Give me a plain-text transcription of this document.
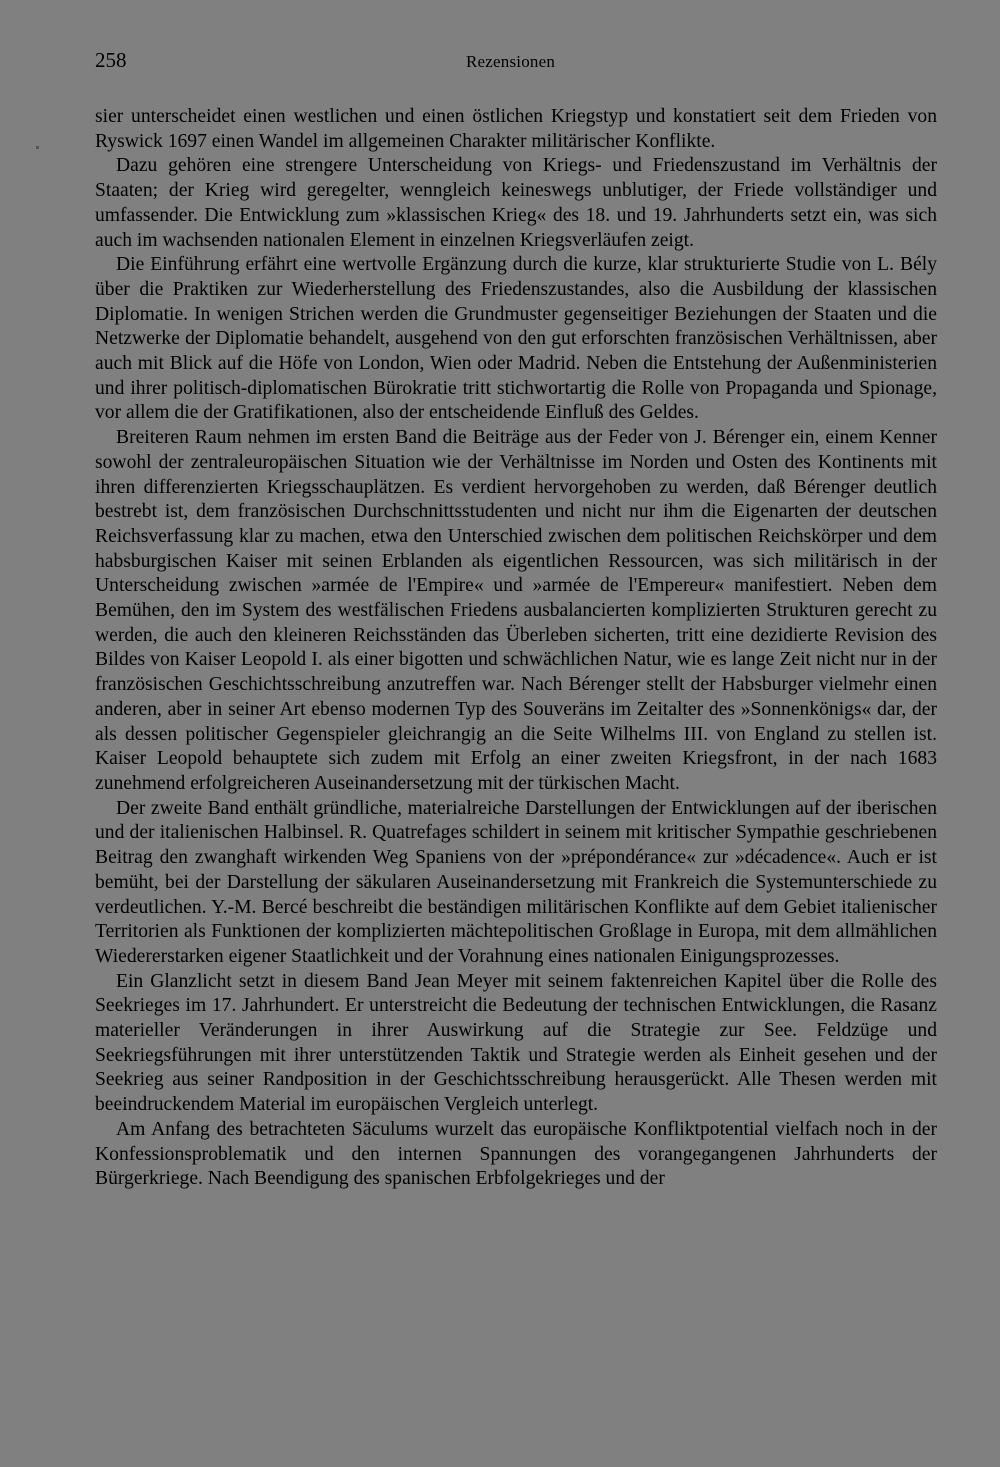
258	Rezensionen

sier unterscheidet einen westlichen und einen östlichen Kriegstyp und konstatiert seit dem Frieden von Ryswick 1697 einen Wandel im allgemeinen Charakter militärischer Konflikte.

Dazu gehören eine strengere Unterscheidung von Kriegs- und Friedenszustand im Verhältnis der Staaten; der Krieg wird geregelter, wenngleich keineswegs unblutiger, der Friede vollständiger und umfassender. Die Entwicklung zum »klassischen Krieg« des 18. und 19. Jahrhunderts setzt ein, was sich auch im wachsenden nationalen Element in einzelnen Kriegsverläufen zeigt.

Die Einführung erfährt eine wertvolle Ergänzung durch die kurze, klar strukturierte Studie von L. Bély über die Praktiken zur Wiederherstellung des Friedenszustandes, also die Ausbildung der klassischen Diplomatie. In wenigen Strichen werden die Grundmuster gegenseitiger Beziehungen der Staaten und die Netzwerke der Diplomatie behandelt, ausgehend von den gut erforschten französischen Verhältnissen, aber auch mit Blick auf die Höfe von London, Wien oder Madrid. Neben die Entstehung der Außenministerien und ihrer politisch-diplomatischen Bürokratie tritt stichwortartig die Rolle von Propaganda und Spionage, vor allem die der Gratifikationen, also der entscheidende Einfluß des Geldes.

Breiteren Raum nehmen im ersten Band die Beiträge aus der Feder von J. Bérenger ein, einem Kenner sowohl der zentraleuropäischen Situation wie der Verhältnisse im Norden und Osten des Kontinents mit ihren differenzierten Kriegsschauplätzen. Es verdient hervorgehoben zu werden, daß Bérenger deutlich bestrebt ist, dem französischen Durchschnittsstudenten und nicht nur ihm die Eigenarten der deutschen Reichsverfassung klar zu machen, etwa den Unterschied zwischen dem politischen Reichskörper und dem habsburgischen Kaiser mit seinen Erblanden als eigentlichen Ressourcen, was sich militärisch in der Unterscheidung zwischen »armée de l'Empire« und »armée de l'Empereur« manifestiert. Neben dem Bemühen, den im System des westfälischen Friedens ausbalancierten komplizierten Strukturen gerecht zu werden, die auch den kleineren Reichsständen das Überleben sicherten, tritt eine dezidierte Revision des Bildes von Kaiser Leopold I. als einer bigotten und schwächlichen Natur, wie es lange Zeit nicht nur in der französischen Geschichtsschreibung anzutreffen war. Nach Bérenger stellt der Habsburger vielmehr einen anderen, aber in seiner Art ebenso modernen Typ des Souveräns im Zeitalter des »Sonnenkönigs« dar, der als dessen politischer Gegenspieler gleichrangig an die Seite Wilhelms III. von England zu stellen ist. Kaiser Leopold behauptete sich zudem mit Erfolg an einer zweiten Kriegsfront, in der nach 1683 zunehmend erfolgreicheren Auseinandersetzung mit der türkischen Macht.

Der zweite Band enthält gründliche, materialreiche Darstellungen der Entwicklungen auf der iberischen und der italienischen Halbinsel. R. Quatrefages schildert in seinem mit kritischer Sympathie geschriebenen Beitrag den zwanghaft wirkenden Weg Spaniens von der »prépondérance« zur »décadence«. Auch er ist bemüht, bei der Darstellung der säkularen Auseinandersetzung mit Frankreich die Systemunterschiede zu verdeutlichen. Y.-M. Bercé beschreibt die beständigen militärischen Konflikte auf dem Gebiet italienischer Territorien als Funktionen der komplizierten mächtepolitischen Großlage in Europa, mit dem allmählichen Wiedererstarken eigener Staatlichkeit und der Vorahnung eines nationalen Einigungsprozesses.

Ein Glanzlicht setzt in diesem Band Jean Meyer mit seinem faktenreichen Kapitel über die Rolle des Seekrieges im 17. Jahrhundert. Er unterstreicht die Bedeutung der technischen Entwicklungen, die Rasanz materieller Veränderungen in ihrer Auswirkung auf die Strategie zur See. Feldzüge und Seekriegsführungen mit ihrer unterstützenden Taktik und Strategie werden als Einheit gesehen und der Seekrieg aus seiner Randposition in der Geschichtsschreibung herausgerückt. Alle Thesen werden mit beeindruckendem Material im europäischen Vergleich unterlegt.

Am Anfang des betrachteten Säculums wurzelt das europäische Konfliktpotential vielfach noch in der Konfessionsproblematik und den internen Spannungen des vorangegangenen Jahrhunderts der Bürgerkriege. Nach Beendigung des spanischen Erbfolgekrieges und der
